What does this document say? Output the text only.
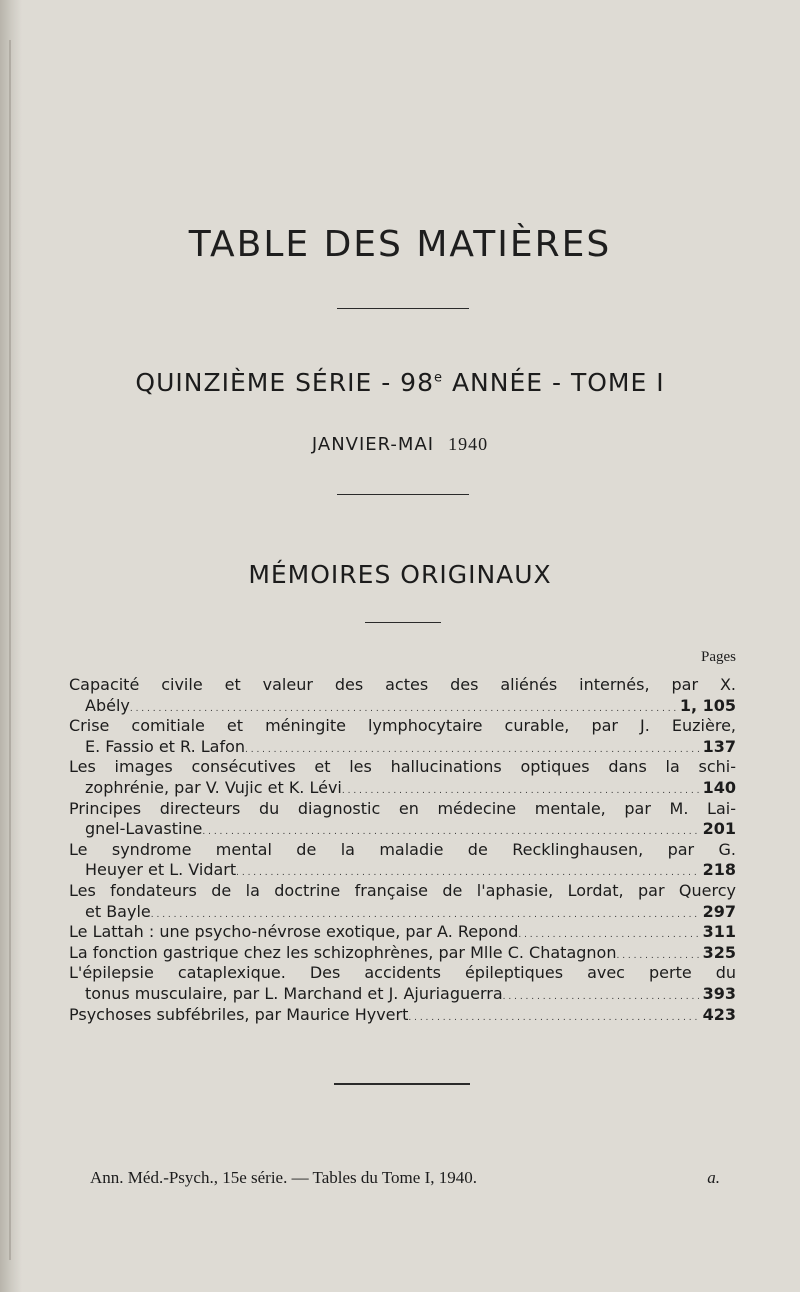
TABLE DES MATIÈRES
QUINZIÈME SÉRIE - 98e ANNÉE - TOME I
JANVIER-MAI 1940
MÉMOIRES ORIGINAUX
Pages
Capacité civile et valeur des actes des aliénés internés, par X.
Abély . . .	1, 105
Crise comitiale et méningite lymphocytaire curable, par J. Euzière,
E. Fassio et R. Lafon . . .	137
Les images consécutives et les hallucinations optiques dans la schi-
zophrénie, par V. Vujic et K. Lévi . . .	140
Principes directeurs du diagnostic en médecine mentale, par M. Lai-
gnel-Lavastine . . .	201
Le syndrome mental de la maladie de Recklinghausen, par G.
Heuyer et L. Vidart . . .	218
Les fondateurs de la doctrine française de l'aphasie, Lordat, par Quercy
et Bayle . . .	297
Le Lattah : une psycho-névrose exotique, par A. Repond . . .	311
La fonction gastrique chez les schizophrènes, par Mlle C. Chatagnon . . .	325
L'épilepsie cataplexique. Des accidents épileptiques avec perte du
tonus musculaire, par L. Marchand et J. Ajuriaguerra . . .	393
Psychoses subfébriles, par Maurice Hyvert . . .	423
Ann. Méd.-Psych., 15e série. — Tables du Tome I, 1940.	a.
